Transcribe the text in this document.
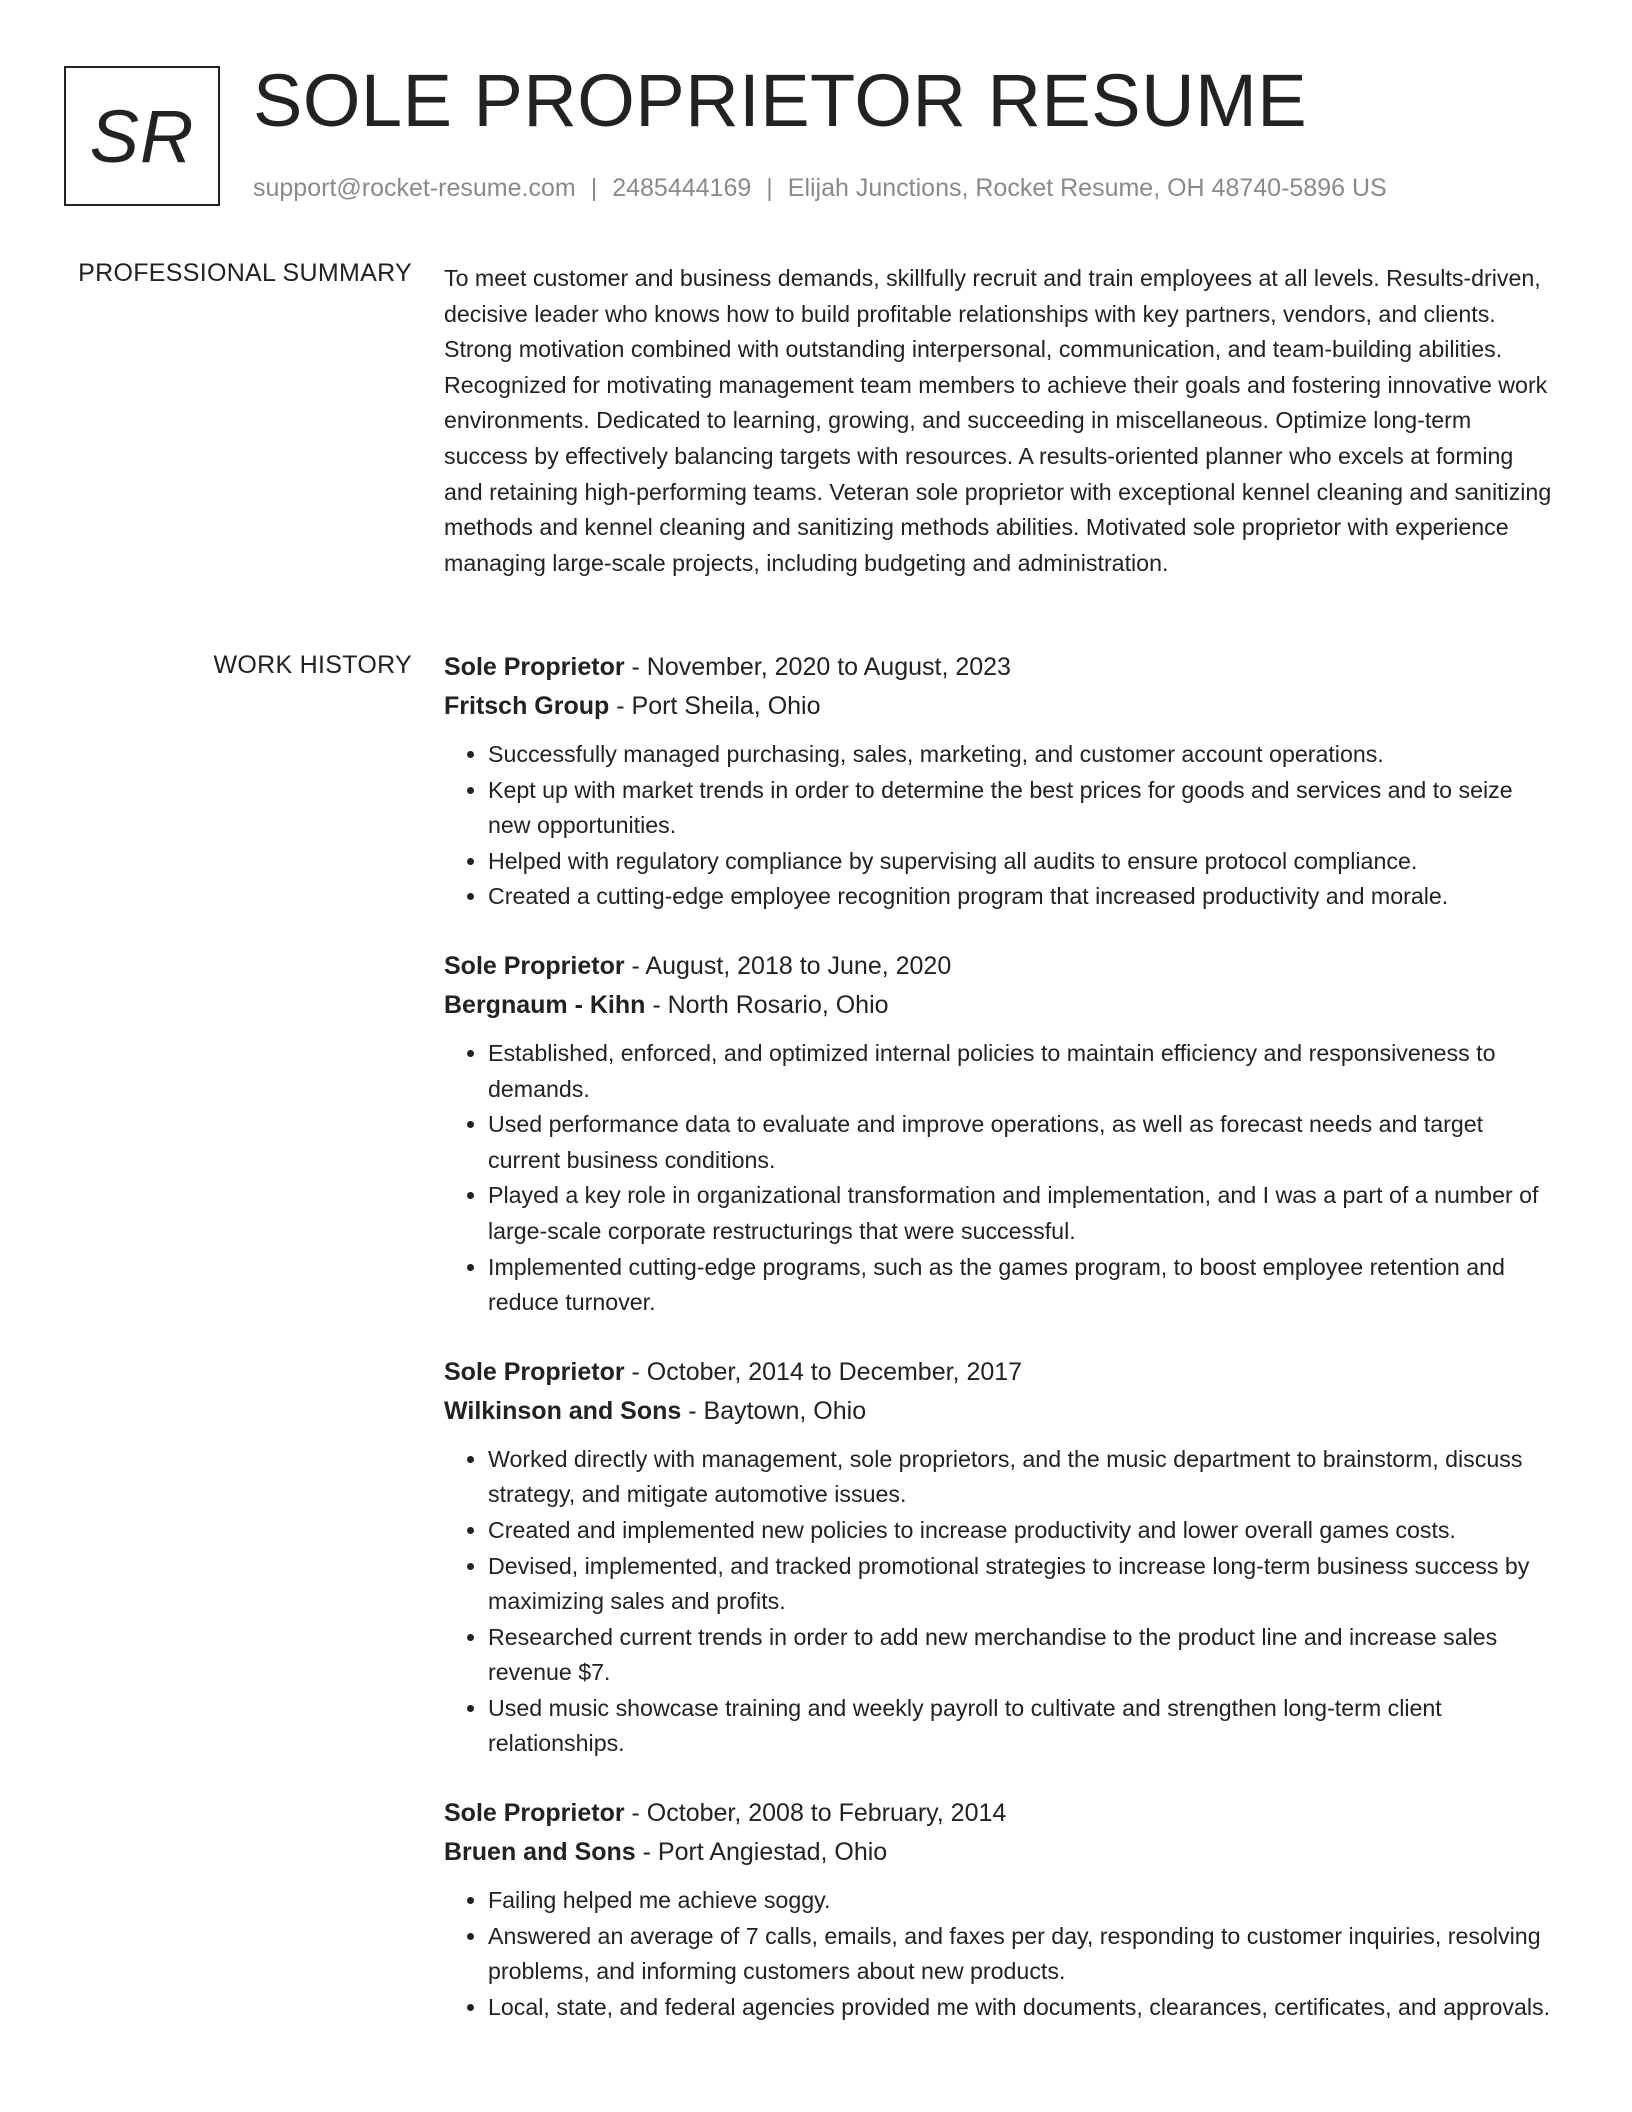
SR SOLE PROPRIETOR RESUME
support@rocket-resume.com | 2485444169 | Elijah Junctions, Rocket Resume, OH 48740-5896 US
PROFESSIONAL SUMMARY To meet customer and business demands, skillfully recruit and train employees at all levels. Results-driven, decisive leader who knows how to build profitable relationships with key partners, vendors, and clients. Strong motivation combined with outstanding interpersonal, communication, and team-building abilities. Recognized for motivating management team members to achieve their goals and fostering innovative work environments. Dedicated to learning, growing, and succeeding in miscellaneous. Optimize long-term success by effectively balancing targets with resources. A results-oriented planner who excels at forming and retaining high-performing teams. Veteran sole proprietor with exceptional kennel cleaning and sanitizing methods and kennel cleaning and sanitizing methods abilities. Motivated sole proprietor with experience managing large-scale projects, including budgeting and administration.
WORK HISTORY Sole Proprietor - November, 2020 to August, 2023
Fritsch Group - Port Sheila, Ohio
• Successfully managed purchasing, sales, marketing, and customer account operations.
• Kept up with market trends in order to determine the best prices for goods and services and to seize new opportunities.
• Helped with regulatory compliance by supervising all audits to ensure protocol compliance.
• Created a cutting-edge employee recognition program that increased productivity and morale.
Sole Proprietor - August, 2018 to June, 2020
Bergnaum - Kihn - North Rosario, Ohio
• Established, enforced, and optimized internal policies to maintain efficiency and responsiveness to demands.
• Used performance data to evaluate and improve operations, as well as forecast needs and target current business conditions.
• Played a key role in organizational transformation and implementation, and I was a part of a number of large-scale corporate restructurings that were successful.
• Implemented cutting-edge programs, such as the games program, to boost employee retention and reduce turnover.
Sole Proprietor - October, 2014 to December, 2017
Wilkinson and Sons - Baytown, Ohio
• Worked directly with management, sole proprietors, and the music department to brainstorm, discuss strategy, and mitigate automotive issues.
• Created and implemented new policies to increase productivity and lower overall games costs.
• Devised, implemented, and tracked promotional strategies to increase long-term business success by maximizing sales and profits.
• Researched current trends in order to add new merchandise to the product line and increase sales revenue $7.
• Used music showcase training and weekly payroll to cultivate and strengthen long-term client relationships.
Sole Proprietor - October, 2008 to February, 2014
Bruen and Sons - Port Angiestad, Ohio
• Failing helped me achieve soggy.
• Answered an average of 7 calls, emails, and faxes per day, responding to customer inquiries, resolving problems, and informing customers about new products.
• Local, state, and federal agencies provided me with documents, clearances, certificates, and approvals.
